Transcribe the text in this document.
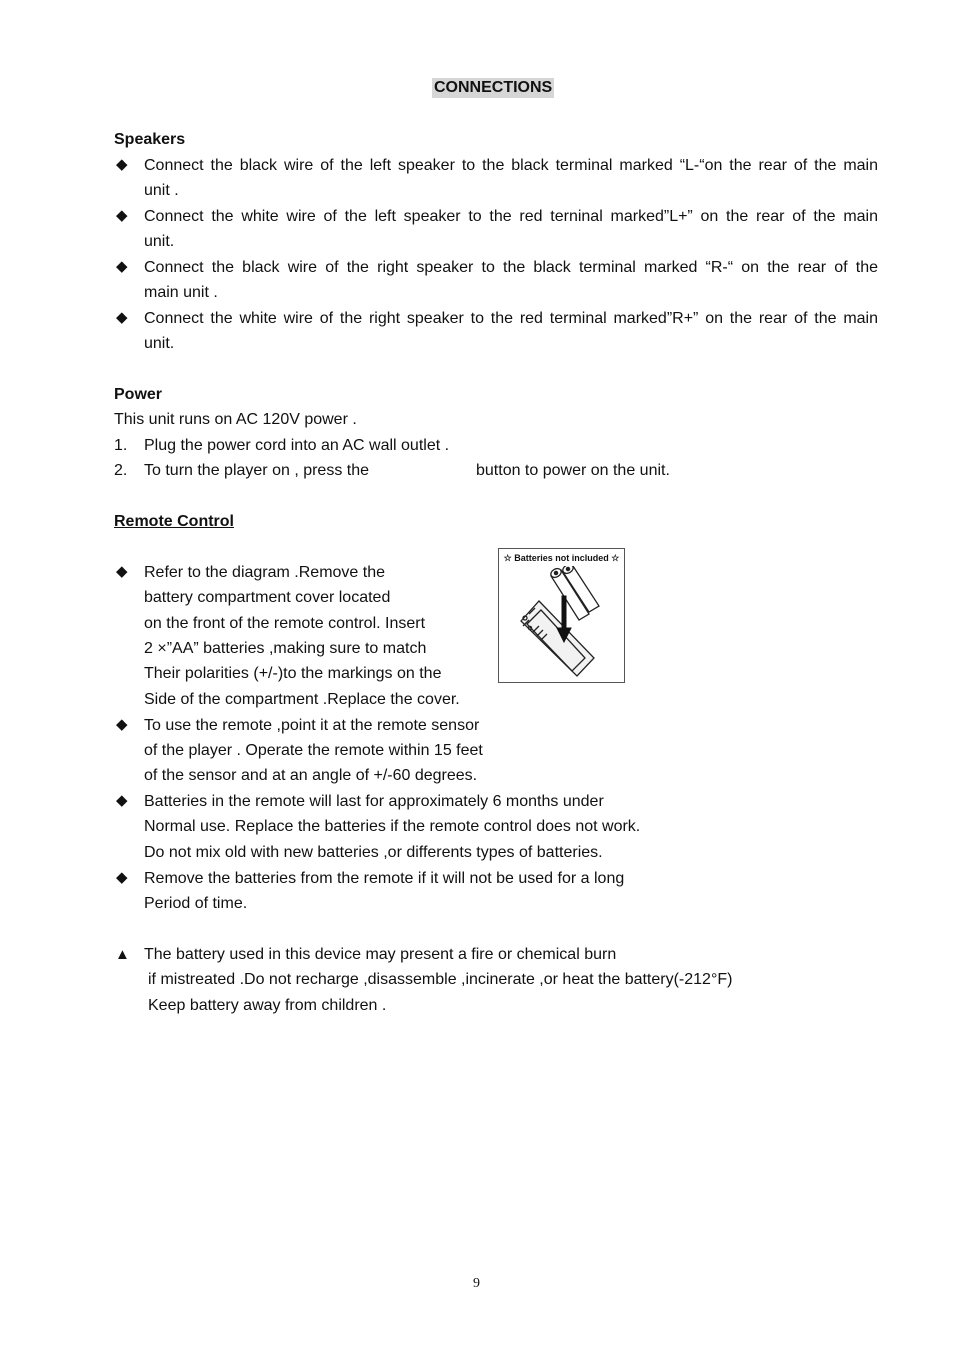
CONNECTIONS
Speakers
◆ Connect the black wire of the left speaker to the black terminal marked “L-“on the rear of the main
unit .
◆ Connect the white wire of the left speaker to the red terninal marked”L+” on the rear of the main
unit.
◆ Connect the black wire of the right speaker to the black terminal marked “R-“ on the rear of the
main unit .
◆ Connect the white wire of the right speaker to the red terminal marked”R+” on the rear of the main
unit.
Power
This unit runs on AC 120V power .
1. Plug the power cord into an AC wall outlet .
2. To turn the player on , press the	button to power on the unit.
Remote Control
◆ Refer to the diagram .Remove the
battery compartment cover located
on the front of the remote control. Insert
2 ×”AA” batteries ,making sure to match
Their polarities (+/-)to the markings on the
Side of the compartment .Replace the cover.
◆ To use the remote ,point it at the remote sensor
of the player . Operate the remote within 15 feet
of the sensor and at an angle of +/-60 degrees.
◆ Batteries in the remote will last for approximately 6 months under
Normal use. Replace the batteries if the remote control does not work.
Do not mix old with new batteries ,or differents types of batteries.
◆ Remove the batteries from the remote if it will not be used for a long
Period of time.
☆ Batteries not included ☆
▲ The battery used in this device may present a fire or chemical burn
if mistreated .Do not recharge ,disassemble ,incinerate ,or heat the battery(-212°F)
Keep battery away from children .
9
